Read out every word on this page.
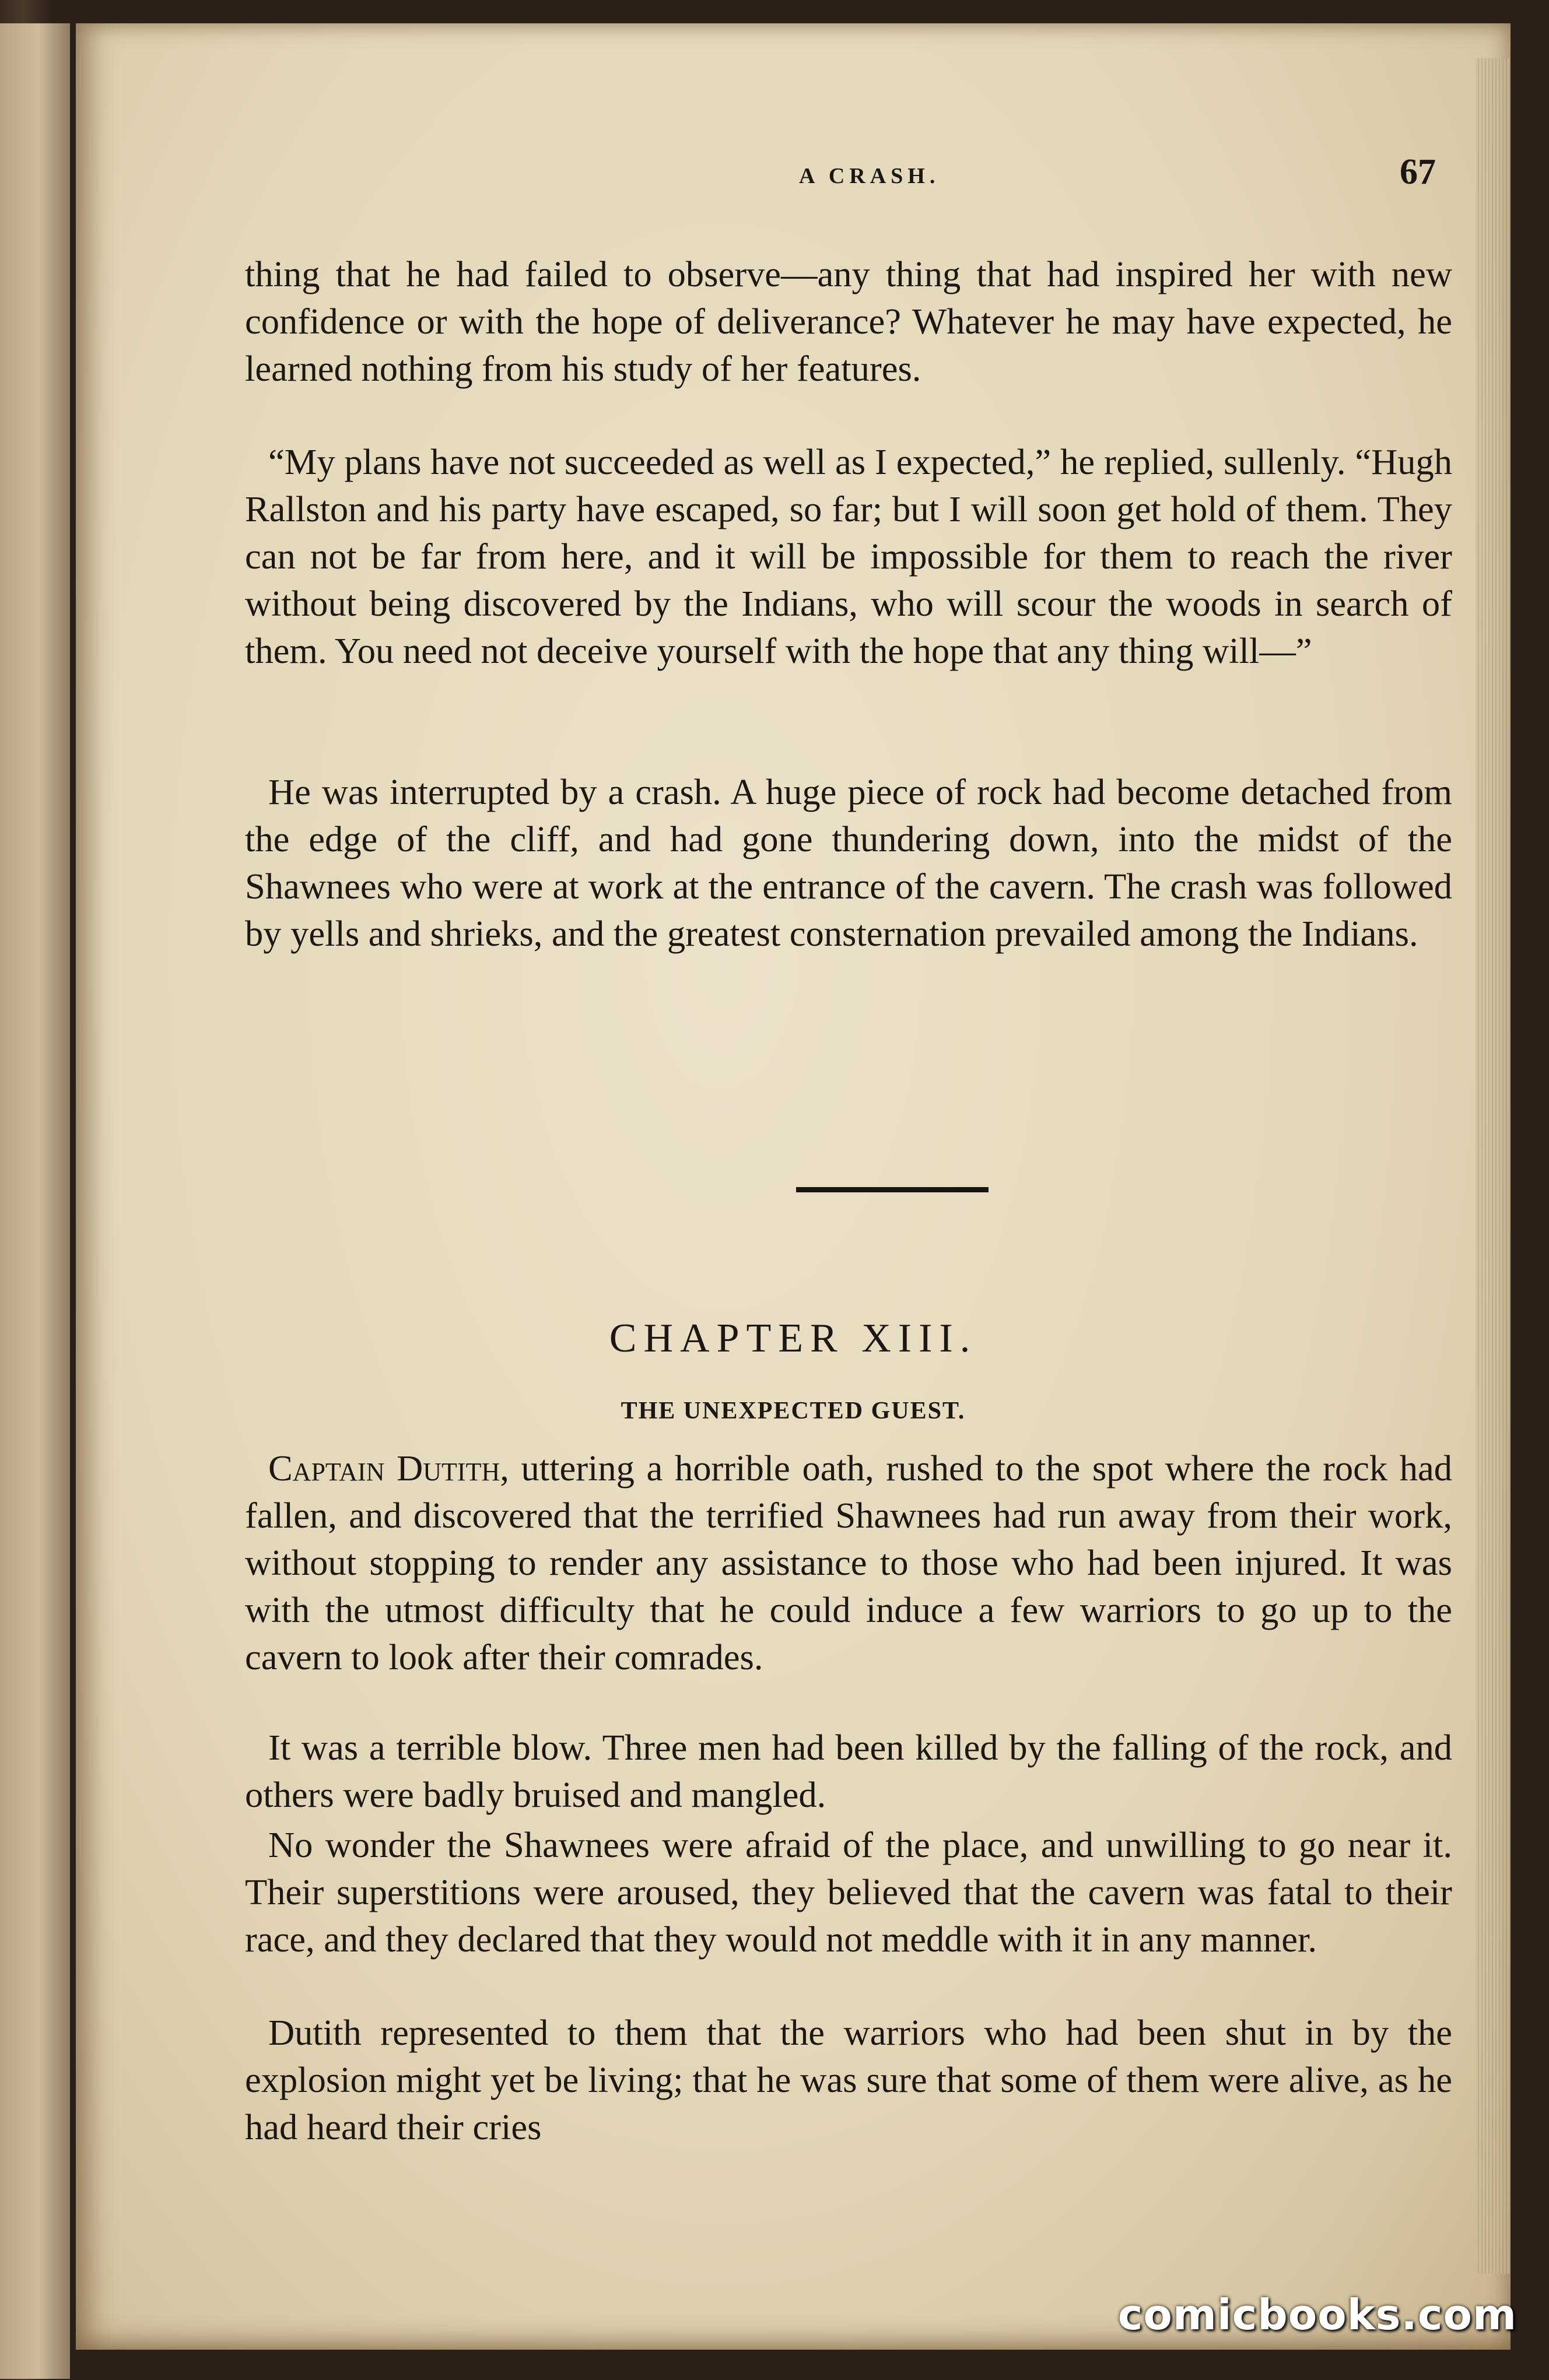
A CRASH.	67

thing that he had failed to observe—any thing that had inspired her with new confidence or with the hope of deliverance? Whatever he may have expected, he learned nothing from his study of her features.

“My plans have not succeeded as well as I expected,” he replied, sullenly. “Hugh Rallston and his party have escaped, so far; but I will soon get hold of them. They can not be far from here, and it will be impossible for them to reach the river without being discovered by the Indians, who will scour the woods in search of them. You need not deceive yourself with the hope that any thing will—”

He was interrupted by a crash. A huge piece of rock had become detached from the edge of the cliff, and had gone thundering down, into the midst of the Shawnees who were at work at the entrance of the cavern. The crash was followed by yells and shrieks, and the greatest consternation prevailed among the Indians.

CHAPTER XIII.
THE UNEXPECTED GUEST.

Captain Dutith, uttering a horrible oath, rushed to the spot where the rock had fallen, and discovered that the terrified Shawnees had run away from their work, without stopping to render any assistance to those who had been injured. It was with the utmost difficulty that he could induce a few warriors to go up to the cavern to look after their comrades.

It was a terrible blow. Three men had been killed by the falling of the rock, and others were badly bruised and mangled.

No wonder the Shawnees were afraid of the place, and unwilling to go near it. Their superstitions were aroused, they believed that the cavern was fatal to their race, and they declared that they would not meddle with it in any manner.

Dutith represented to them that the warriors who had been shut in by the explosion might yet be living; that he was sure that some of them were alive, as he had heard their cries

comicbooks.com
